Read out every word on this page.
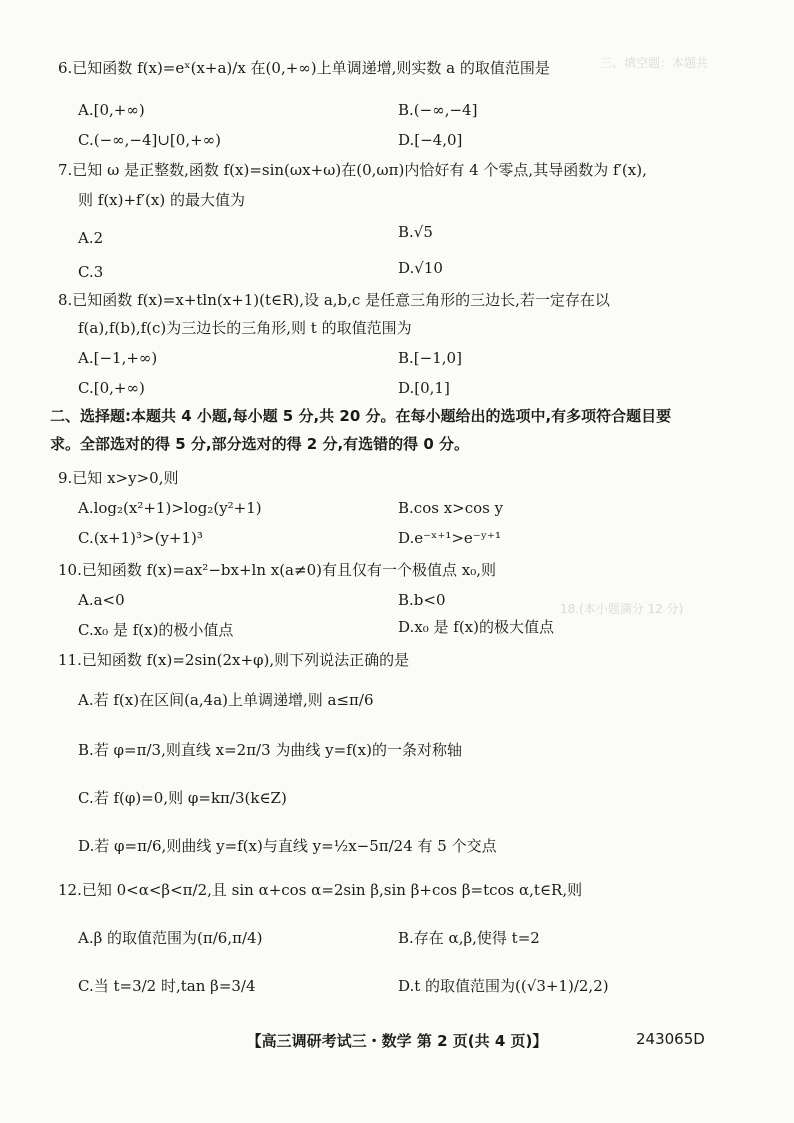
三、填空题：本题共
18.(本小题满分 12 分)
6.已知函数 f(x)=eˣ(x+a)/x 在(0,+∞)上单调递增,则实数 a 的取值范围是
A.[0,+∞)	B.(−∞,−4]
C.(−∞,−4]∪[0,+∞)	D.[−4,0]
7.已知 ω 是正整数,函数 f(x)=sin(ωx+ω)在(0,ωπ)内恰好有 4 个零点,其导函数为 f′(x),
则 f(x)+f′(x) 的最大值为
A.2	B.√5
C.3	D.√10
8.已知函数 f(x)=x+tln(x+1)(t∈R),设 a,b,c 是任意三角形的三边长,若一定存在以
f(a),f(b),f(c)为三边长的三角形,则 t 的取值范围为
A.[−1,+∞)	B.[−1,0]
C.[0,+∞)	D.[0,1]
二、选择题:本题共 4 小题,每小题 5 分,共 20 分。在每小题给出的选项中,有多项符合题目要
求。全部选对的得 5 分,部分选对的得 2 分,有选错的得 0 分。
9.已知 x>y>0,则
A.log₂(x²+1)>log₂(y²+1)	B.cos x>cos y
C.(x+1)³>(y+1)³	D.e⁻ˣ⁺¹>e⁻ʸ⁺¹
10.已知函数 f(x)=ax²−bx+ln x(a≠0)有且仅有一个极值点 x₀,则
A.a<0	B.b<0
C.x₀ 是 f(x)的极小值点	D.x₀ 是 f(x)的极大值点
11.已知函数 f(x)=2sin(2x+φ),则下列说法正确的是
A.若 f(x)在区间(a,4a)上单调递增,则 a≤π/6
B.若 φ=π/3,则直线 x=2π/3 为曲线 y=f(x)的一条对称轴
C.若 f(φ)=0,则 φ=kπ/3(k∈Z)
D.若 φ=π/6,则曲线 y=f(x)与直线 y=½x−5π/24 有 5 个交点
12.已知 0<α<β<π/2,且 sin α+cos α=2sin β,sin β+cos β=tcos α,t∈R,则
A.β 的取值范围为(π/6,π/4)	B.存在 α,β,使得 t=2
C.当 t=3/2 时,tan β=3/4	D.t 的取值范围为((√3+1)/2,2)
【高三调研考试三・数学 第 2 页(共 4 页)】	243065D
